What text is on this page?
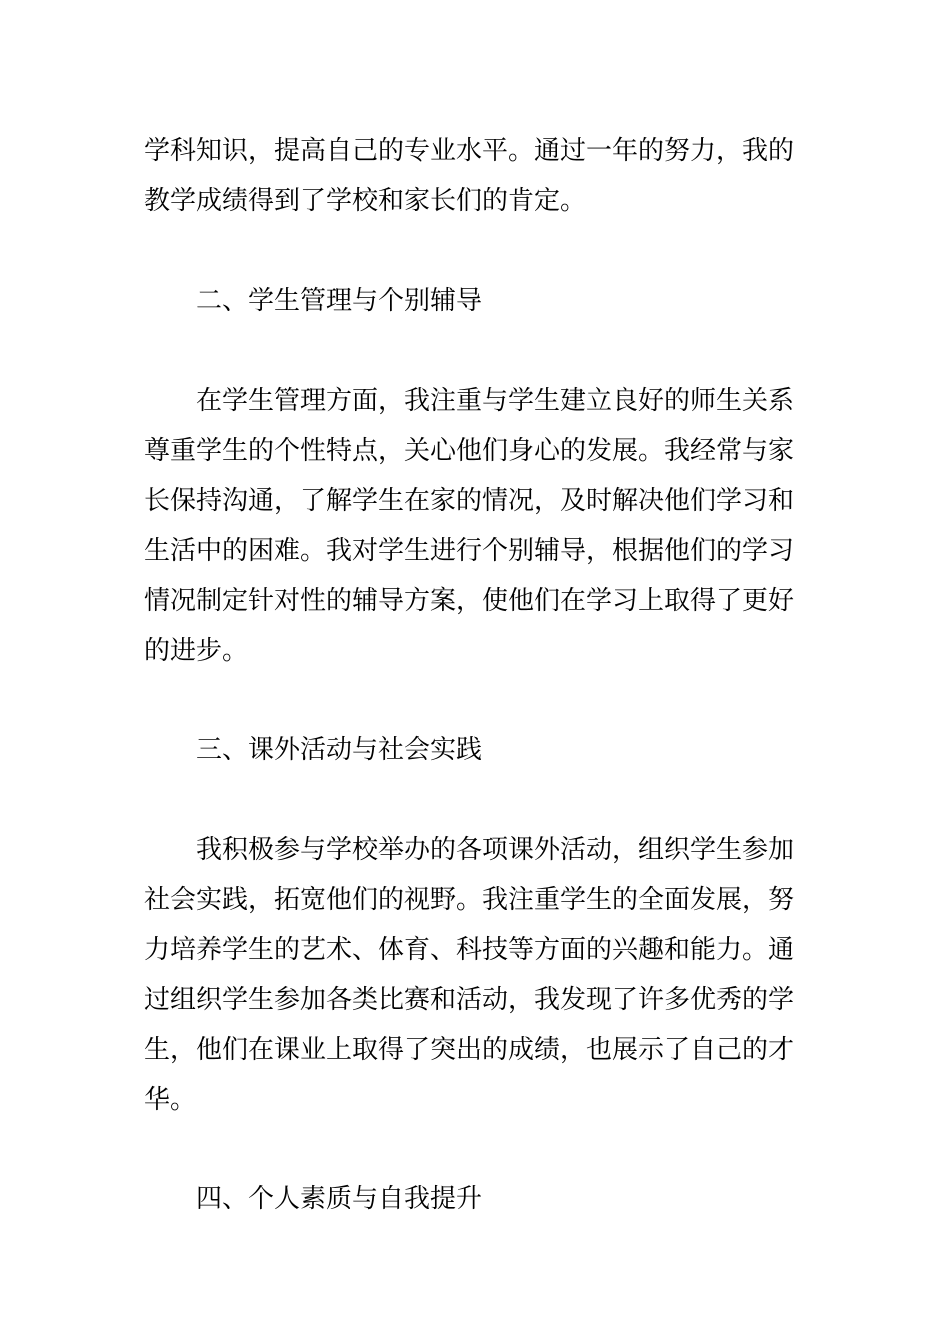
学科知识，提高自己的专业水平。通过一年的努力，我的
教学成绩得到了学校和家长们的肯定。
二、学生管理与个别辅导
在学生管理方面，我注重与学生建立良好的师生关系
尊重学生的个性特点，关心他们身心的发展。我经常与家
长保持沟通，了解学生在家的情况，及时解决他们学习和
生活中的困难。我对学生进行个别辅导，根据他们的学习
情况制定针对性的辅导方案，使他们在学习上取得了更好
的进步。
三、课外活动与社会实践
我积极参与学校举办的各项课外活动，组织学生参加
社会实践，拓宽他们的视野。我注重学生的全面发展，努
力培养学生的艺术、体育、科技等方面的兴趣和能力。通
过组织学生参加各类比赛和活动，我发现了许多优秀的学
生，他们在课业上取得了突出的成绩，也展示了自己的才
华。
四、个人素质与自我提升
